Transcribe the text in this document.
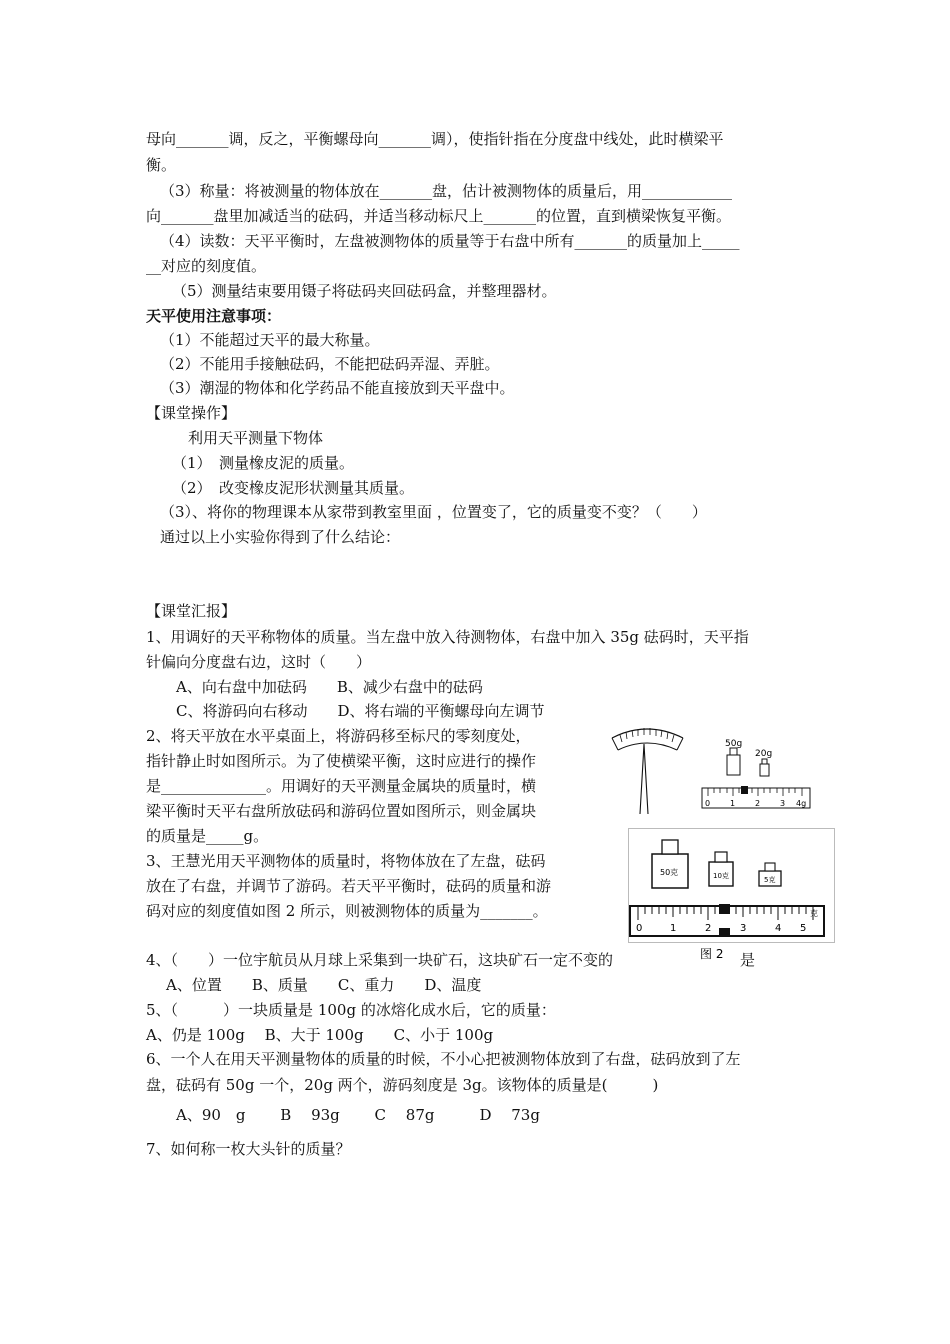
母向_______调，反之，平衡螺母向_______调），使指针指在分度盘中线处，此时横梁平
衡。
（3）称量：将被测量的物体放在_______盘，估计被测物体的质量后，用____________
向_______盘里加减适当的砝码，并适当移动标尺上_______的位置，直到横梁恢复平衡。
（4）读数：天平平衡时，左盘被测物体的质量等于右盘中所有_______的质量加上_____
__对应的刻度值。
（5）测量结束要用镊子将砝码夹回砝码盒，并整理器材。
天平使用注意事项：
（1）不能超过天平的最大称量。
（2）不能用手接触砝码，不能把砝码弄湿、弄脏。
（3）潮湿的物体和化学药品不能直接放到天平盘中。
【课堂操作】
利用天平测量下物体
（1）　测量橡皮泥的质量。
（2）　改变橡皮泥形状测量其质量。
（3）、将你的物理课本从家带到教室里面 ，位置变了，它的质量变不变？（　　）
通过以上小实验你得到了什么结论：
【课堂汇报】
1、用调好的天平称物体的质量。当左盘中放入待测物体，右盘中加入 35g 砝码时，天平指
针偏向分度盘右边，这时（　　）
A、向右盘中加砝码　　B、减少右盘中的砝码
C、将游码向右移动　　D、将右端的平衡螺母向左调节
2、将天平放在水平桌面上，将游码移至标尺的零刻度处，
指针静止时如图所示。为了使横梁平衡，这时应进行的操作
是______________。用调好的天平测量金属块的质量时，横
梁平衡时天平右盘所放砝码和游码位置如图所示，则金属块
的质量是_____g。
3、王慧光用天平测物体的质量时，将物体放在了左盘，砝码
放在了右盘，并调节了游码。若天平平衡时，砝码的质量和游
码对应的刻度值如图 2 所示，则被测物体的质量为_______。
4、（　　）一位宇航员从月球上采集到一块矿石，这块矿石一定不变的	是
A、位置　　B、质量　　C、重力　　D、温度
5、（　　　）一块质量是 100g 的冰熔化成水后，它的质量：
A、仍是 100g　 B、大于 100g　　C、小于 100g
6、一个人在用天平测量物体的质量的时候，不小心把被测物体放到了右盘，砝码放到了左
盘，砝码有 50g 一个，20g 两个，游码刻度是 3g。该物体的质量是(　　　)
A、90　g　　 B　 93g　　 C　 87g　　　D　 73g
7、如何称一枚大头针的质量？
50g
20g
0 1 2 3 4g
50克	10克	5克
克
0	1	2	3	4 5
图 2
